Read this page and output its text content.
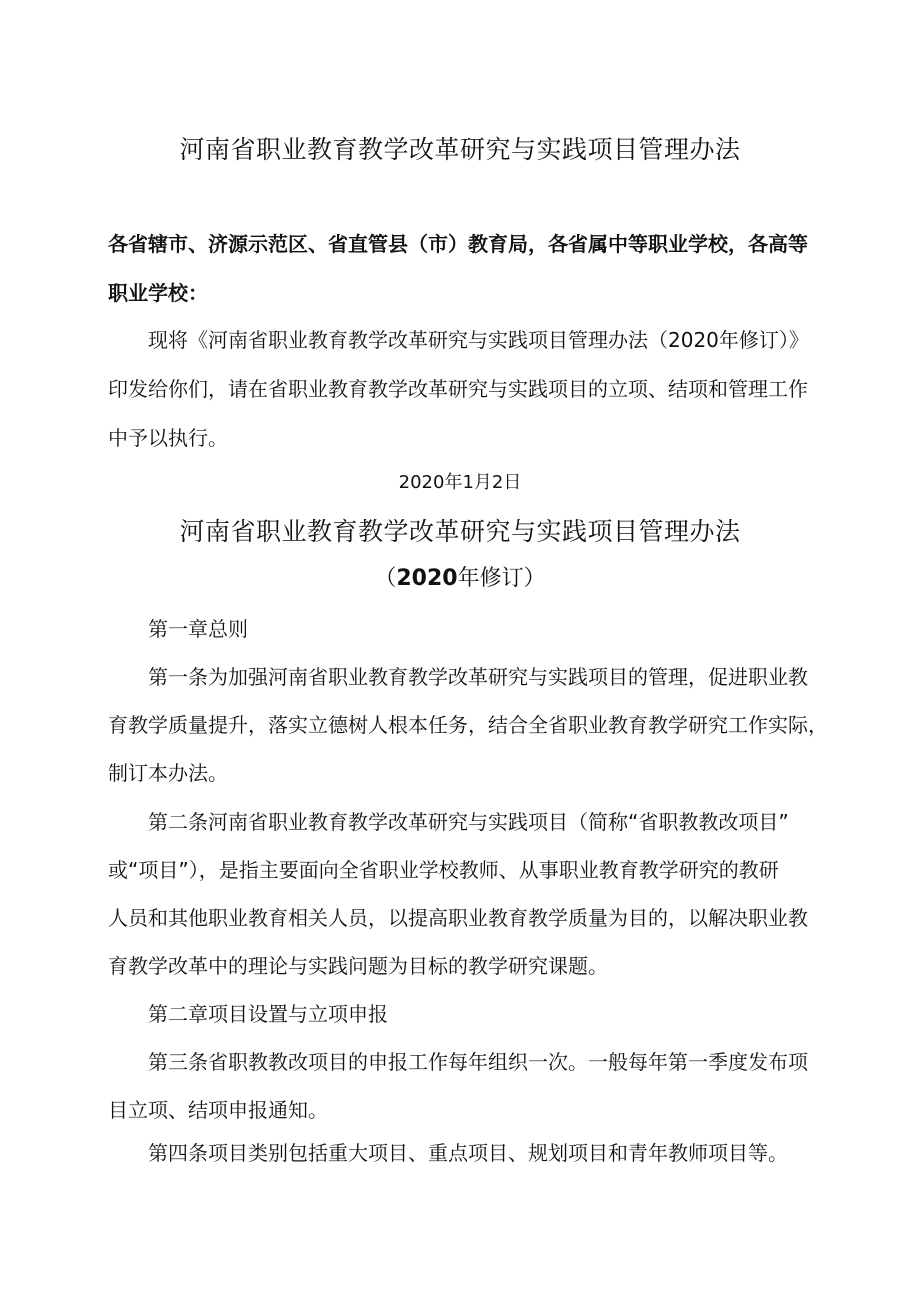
河南省职业教育教学改革研究与实践项目管理办法
各省辖市、济源示范区、省直管县（市）教育局，各省属中等职业学校，各高等
职业学校：
现将《河南省职业教育教学改革研究与实践项目管理办法（2020年修订）》
印发给你们，请在省职业教育教学改革研究与实践项目的立项、结项和管理工作
中予以执行。
2020年1月2日
河南省职业教育教学改革研究与实践项目管理办法
（2020年修订）
第一章总则
第一条为加强河南省职业教育教学改革研究与实践项目的管理，促进职业教
育教学质量提升，落实立德树人根本任务，结合全省职业教育教学研究工作实际，
制订本办法。
第二条河南省职业教育教学改革研究与实践项目（简称“省职教教改项目”
或“项目”），是指主要面向全省职业学校教师、从事职业教育教学研究的教研
人员和其他职业教育相关人员，以提高职业教育教学质量为目的，以解决职业教
育教学改革中的理论与实践问题为目标的教学研究课题。
第二章项目设置与立项申报
第三条省职教教改项目的申报工作每年组织一次。一般每年第一季度发布项
目立项、结项申报通知。
第四条项目类别包括重大项目、重点项目、规划项目和青年教师项目等。
